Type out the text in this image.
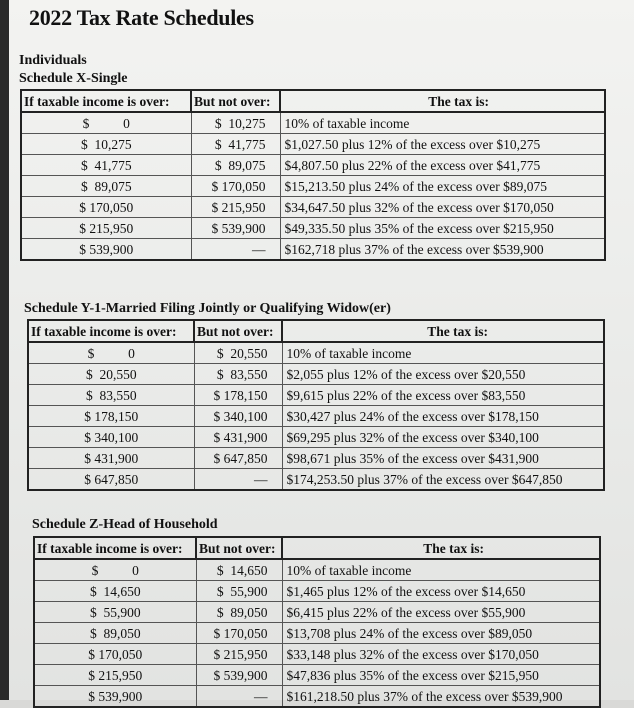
2022 Tax Rate Schedules
Individuals
Schedule X-Single
If taxable income is over:	But not over:	The tax is:
$          0	$  10,275	10% of taxable income
$  10,275	$  41,775	$1,027.50 plus 12% of the excess over $10,275
$  41,775	$  89,075	$4,807.50 plus 22% of the excess over $41,775
$  89,075	$ 170,050	$15,213.50 plus 24% of the excess over $89,075
$ 170,050	$ 215,950	$34,647.50 plus 32% of the excess over $170,050
$ 215,950	$ 539,900	$49,335.50 plus 35% of the excess over $215,950
$ 539,900	—	$162,718 plus 37% of the excess over $539,900
Schedule Y-1-Married Filing Jointly or Qualifying Widow(er)
If taxable income is over:	But not over:	The tax is:
$          0	$  20,550	10% of taxable income
$  20,550	$  83,550	$2,055 plus 12% of the excess over $20,550
$  83,550	$ 178,150	$9,615 plus 22% of the excess over $83,550
$ 178,150	$ 340,100	$30,427 plus 24% of the excess over $178,150
$ 340,100	$ 431,900	$69,295 plus 32% of the excess over $340,100
$ 431,900	$ 647,850	$98,671 plus 35% of the excess over $431,900
$ 647,850	—	$174,253.50 plus 37% of the excess over $647,850
Schedule Z-Head of Household
If taxable income is over:	But not over:	The tax is:
$          0	$  14,650	10% of taxable income
$  14,650	$  55,900	$1,465 plus 12% of the excess over $14,650
$  55,900	$  89,050	$6,415 plus 22% of the excess over $55,900
$  89,050	$ 170,050	$13,708 plus 24% of the excess over $89,050
$ 170,050	$ 215,950	$33,148 plus 32% of the excess over $170,050
$ 215,950	$ 539,900	$47,836 plus 35% of the excess over $215,950
$ 539,900	—	$161,218.50 plus 37% of the excess over $539,900
